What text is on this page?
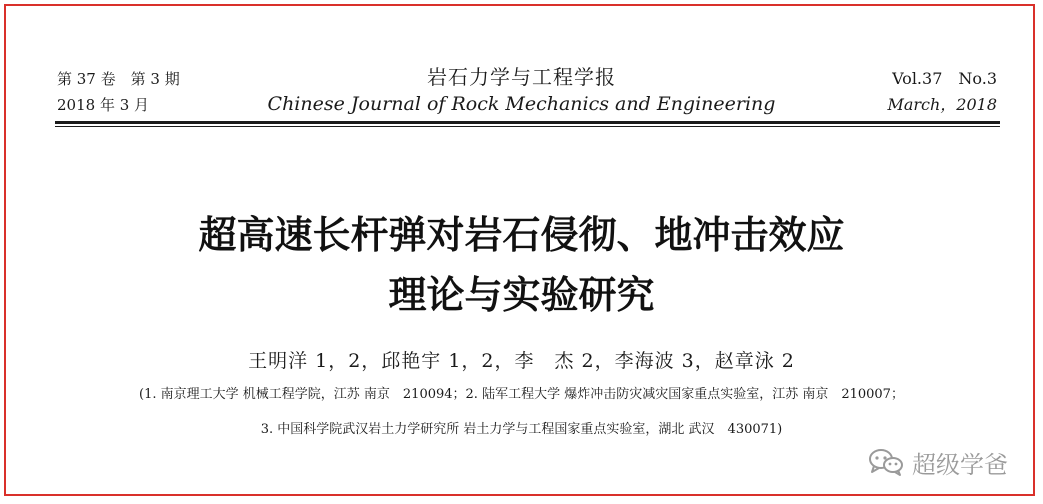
第 37 卷　第 3 期
2018 年 3 月
岩石力学与工程学报
Chinese Journal of Rock Mechanics and Engineering
Vol.37　No.3
March，2018
超高速长杆弹对岩石侵彻、地冲击效应
理论与实验研究
王明洋 1，2，邱艳宇 1，2，李　杰 2，李海波 3，赵章泳 2
(1. 南京理工大学 机械工程学院，江苏 南京　210094；2. 陆军工程大学 爆炸冲击防灾减灾国家重点实验室，江苏 南京　210007；
3. 中国科学院武汉岩土力学研究所 岩土力学与工程国家重点实验室，湖北 武汉　430071)
超级学爸
